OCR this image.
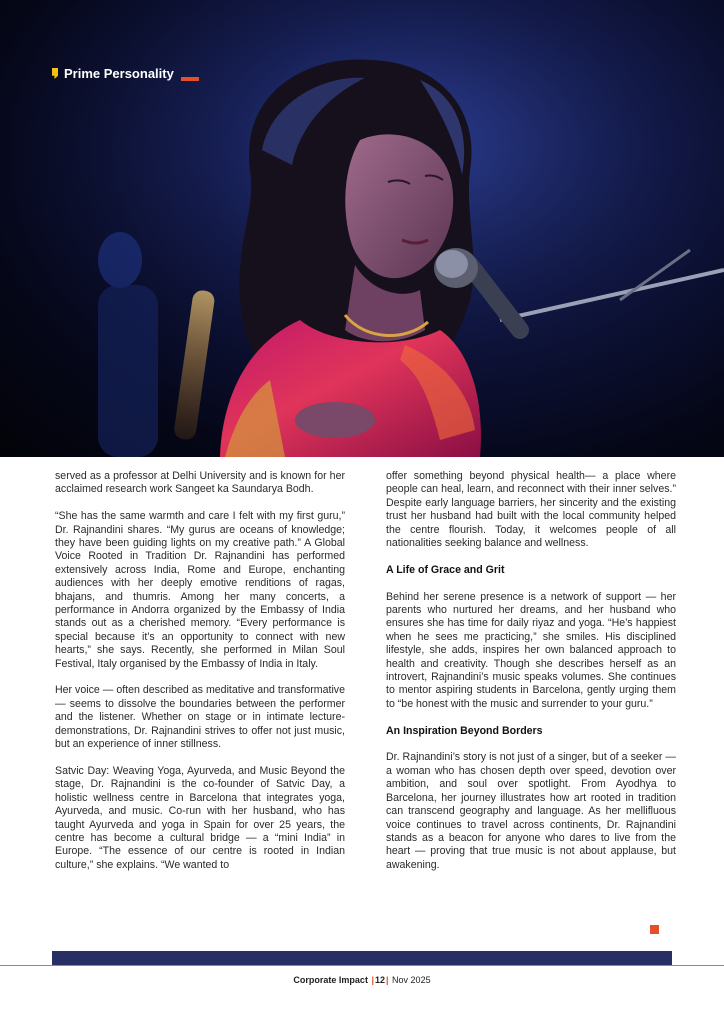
Prime Personality

served as a professor at Delhi University and is known for her acclaimed research work Sangeet ka Saundarya Bodh.

“She has the same warmth and care I felt with my first guru,” Dr. Rajnandini shares. “My gurus are oceans of knowledge; they have been guiding lights on my creative path.” A Global Voice Rooted in Tradition Dr. Rajnandini has performed extensively across India, Rome and Europe, enchanting audiences with her deeply emotive renditions of ragas, bhajans, and thumris. Among her many concerts, a performance in Andorra organized by the Embassy of India stands out as a cherished memory. “Every performance is special because it’s an opportunity to connect with new hearts,” she says. Recently, she performed in Milan Soul Festival, Italy organised by the Embassy of India in Italy.

Her voice — often described as meditative and transformative — seems to dissolve the boundaries between the performer and the listener. Whether on stage or in intimate lecture-demonstrations, Dr. Rajnandini strives to offer not just music, but an experience of inner stillness.

Satvic Day: Weaving Yoga, Ayurveda, and Music Beyond the stage, Dr. Rajnandini is the co-founder of Satvic Day, a holistic wellness centre in Barcelona that integrates yoga, Ayurveda, and music. Co-run with her husband, who has taught Ayurveda and yoga in Spain for over 25 years, the centre has become a cultural bridge — a “mini India” in Europe. “The essence of our centre is rooted in Indian culture,” she explains. “We wanted to

offer something beyond physical health— a place where people can heal, learn, and reconnect with their inner selves.” Despite early language barriers, her sincerity and the existing trust her husband had built with the local community helped the centre flourish. Today, it welcomes people of all nationalities seeking balance and wellness.

A Life of Grace and Grit

Behind her serene presence is a network of support — her parents who nurtured her dreams, and her husband who ensures she has time for daily riyaz and yoga. “He’s happiest when he sees me practicing,” she smiles. His disciplined lifestyle, she adds, inspires her own balanced approach to health and creativity. Though she describes herself as an introvert, Rajnandini’s music speaks volumes. She continues to mentor aspiring students in Barcelona, gently urging them to “be honest with the music and surrender to your guru.”

An Inspiration Beyond Borders

Dr. Rajnandini’s story is not just of a singer, but of a seeker — a woman who has chosen depth over speed, devotion over ambition, and soul over spotlight. From Ayodhya to Barcelona, her journey illustrates how art rooted in tradition can transcend geography and language. As her mellifluous voice continues to travel across continents, Dr. Rajnandini stands as a beacon for anyone who dares to live from the heart — proving that true music is not about applause, but awakening.

Corporate Impact |12| Nov 2025
